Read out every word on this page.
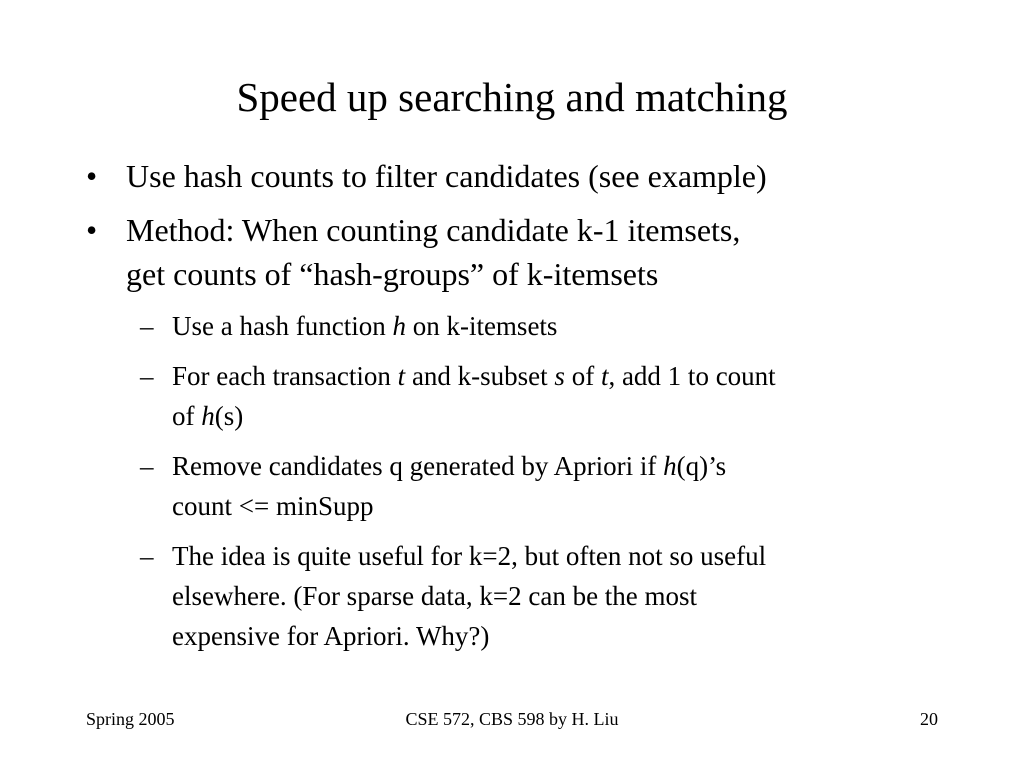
Speed up searching and matching
• Use hash counts to filter candidates (see example)
• Method: When counting candidate k-1 itemsets,
get counts of “hash-groups” of k-itemsets
– Use a hash function h on k-itemsets
– For each transaction t and k-subset s of t, add 1 to count
of h(s)
– Remove candidates q generated by Apriori if h(q)’s
count <= minSupp
– The idea is quite useful for k=2, but often not so useful
elsewhere. (For sparse data, k=2 can be the most
expensive for Apriori. Why?)
Spring 2005	CSE 572, CBS 598 by H. Liu	20
